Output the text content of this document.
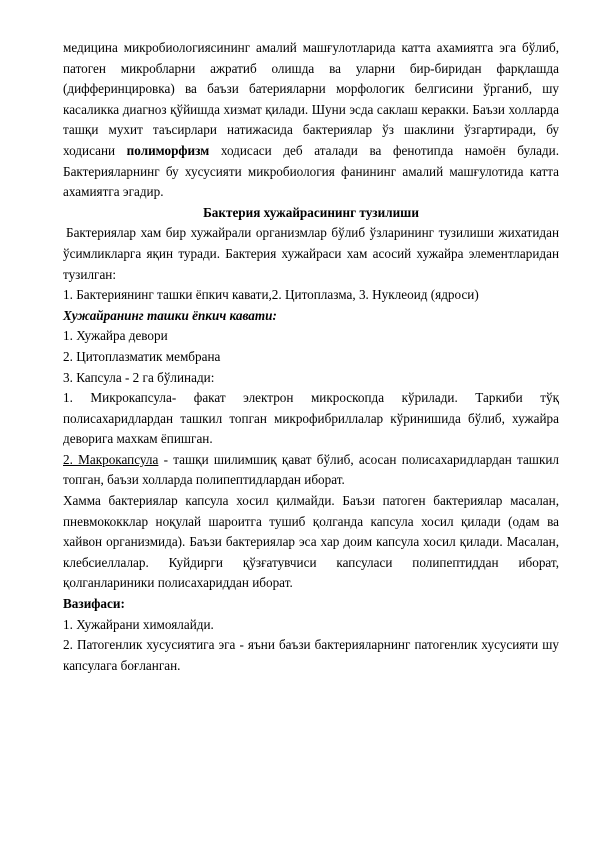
медицина микробиологиясининг амалий машғулотларида катта ахамиятга эга бўлиб, патоген микробларни ажратиб олишда ва уларни бир-биридан фарқлашда (дифферинцировка) ва баъзи батерияларни морфологик белгисини ўрганиб, шу касаликка диагноз қўйишда хизмат қилади. Шуни эсда саклаш керакки. Баъзи холларда ташқи мухит таъсирлари натижасида бактериялар ўз шаклини ўзгартиради, бу ходисани полиморфизм ходисаси деб аталади ва фенотипда намоён булади. Бактерияларнинг бу хусусияти микробиология фанининг амалий машғулотида катта ахамиятга эгадир.

Бактерия хужайрасининг тузилиши

Бактериялар хам бир хужайрали организмлар бўлиб ўзларининг тузилиши жихатидан ўсимликларга яқин туради. Бактерия хужайраси хам асосий хужайра элементларидан тузилган:

1. Бактериянинг ташки ёпкич кавати,2. Цитоплазма, 3. Нуклеоид (ядроси)

Хужайранинг ташки ёпкич кавати:

1. Хужайра девори

2. Цитоплазматик мембрана

3. Капсула - 2 га бўлинади:

1. Микрокапсула- факат электрон микроскопда кўрилади. Таркиби тўқ полисахаридлардан ташкил топган микрофибриллалар кўринишида бўлиб, хужайра деворига махкам ёпишган.

2. Макрокапсула - ташқи шилимшиқ қават бўлиб, асосан полисахаридлардан ташкил топган, баъзи холларда полипептидлардан иборат.

Хамма бактериялар капсула хосил қилмайди. Баъзи патоген бактериялар масалан, пневмококклар ноқулай шароитга тушиб қолганда капсула хосил қилади (одам ва хайвон организмида). Баъзи бактериялар эса хар доим капсула хосил қилади. Масалан, клебсиеллалар. Куйдирги қўзғатувчиси капсуласи полипептиддан иборат, қолганлариники полисахариддан иборат.

Вазифаси:

1. Хужайрани химоялайди.

2. Патогенлик хусусиятига эга - яъни баъзи бактерияларнинг патогенлик хусусияти шу капсулага боғланган.
